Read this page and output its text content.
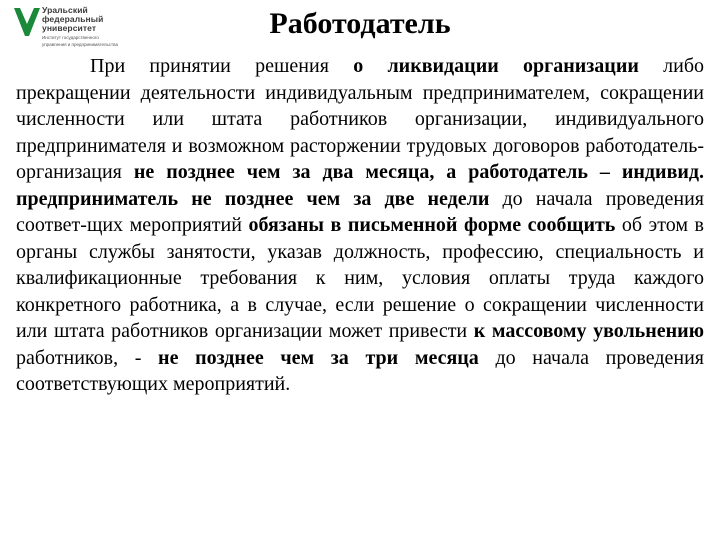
Уральский
федеральный
университет
Институт государственного
управления и предпринимательства
Работодатель

При принятии решения о ликвидации организации либо прекращении деятельности индивидуальным предпринимателем, сокращении численности или штата работников организации, индивидуального предпринимателя и возможном расторжении трудовых договоров работодатель-организация не позднее чем за два месяца, а работодатель – индивид. предприниматель не позднее чем за две недели до начала проведения соответ-щих мероприятий обязаны в письменной форме сообщить об этом в органы службы занятости, указав должность, профессию, специальность и квалификационные требования к ним, условия оплаты труда каждого конкретного работника, а в случае, если решение о сокращении численности или штата работников организации может привести к массовому увольнению работников, - не позднее чем за три месяца до начала проведения соответствующих мероприятий.
